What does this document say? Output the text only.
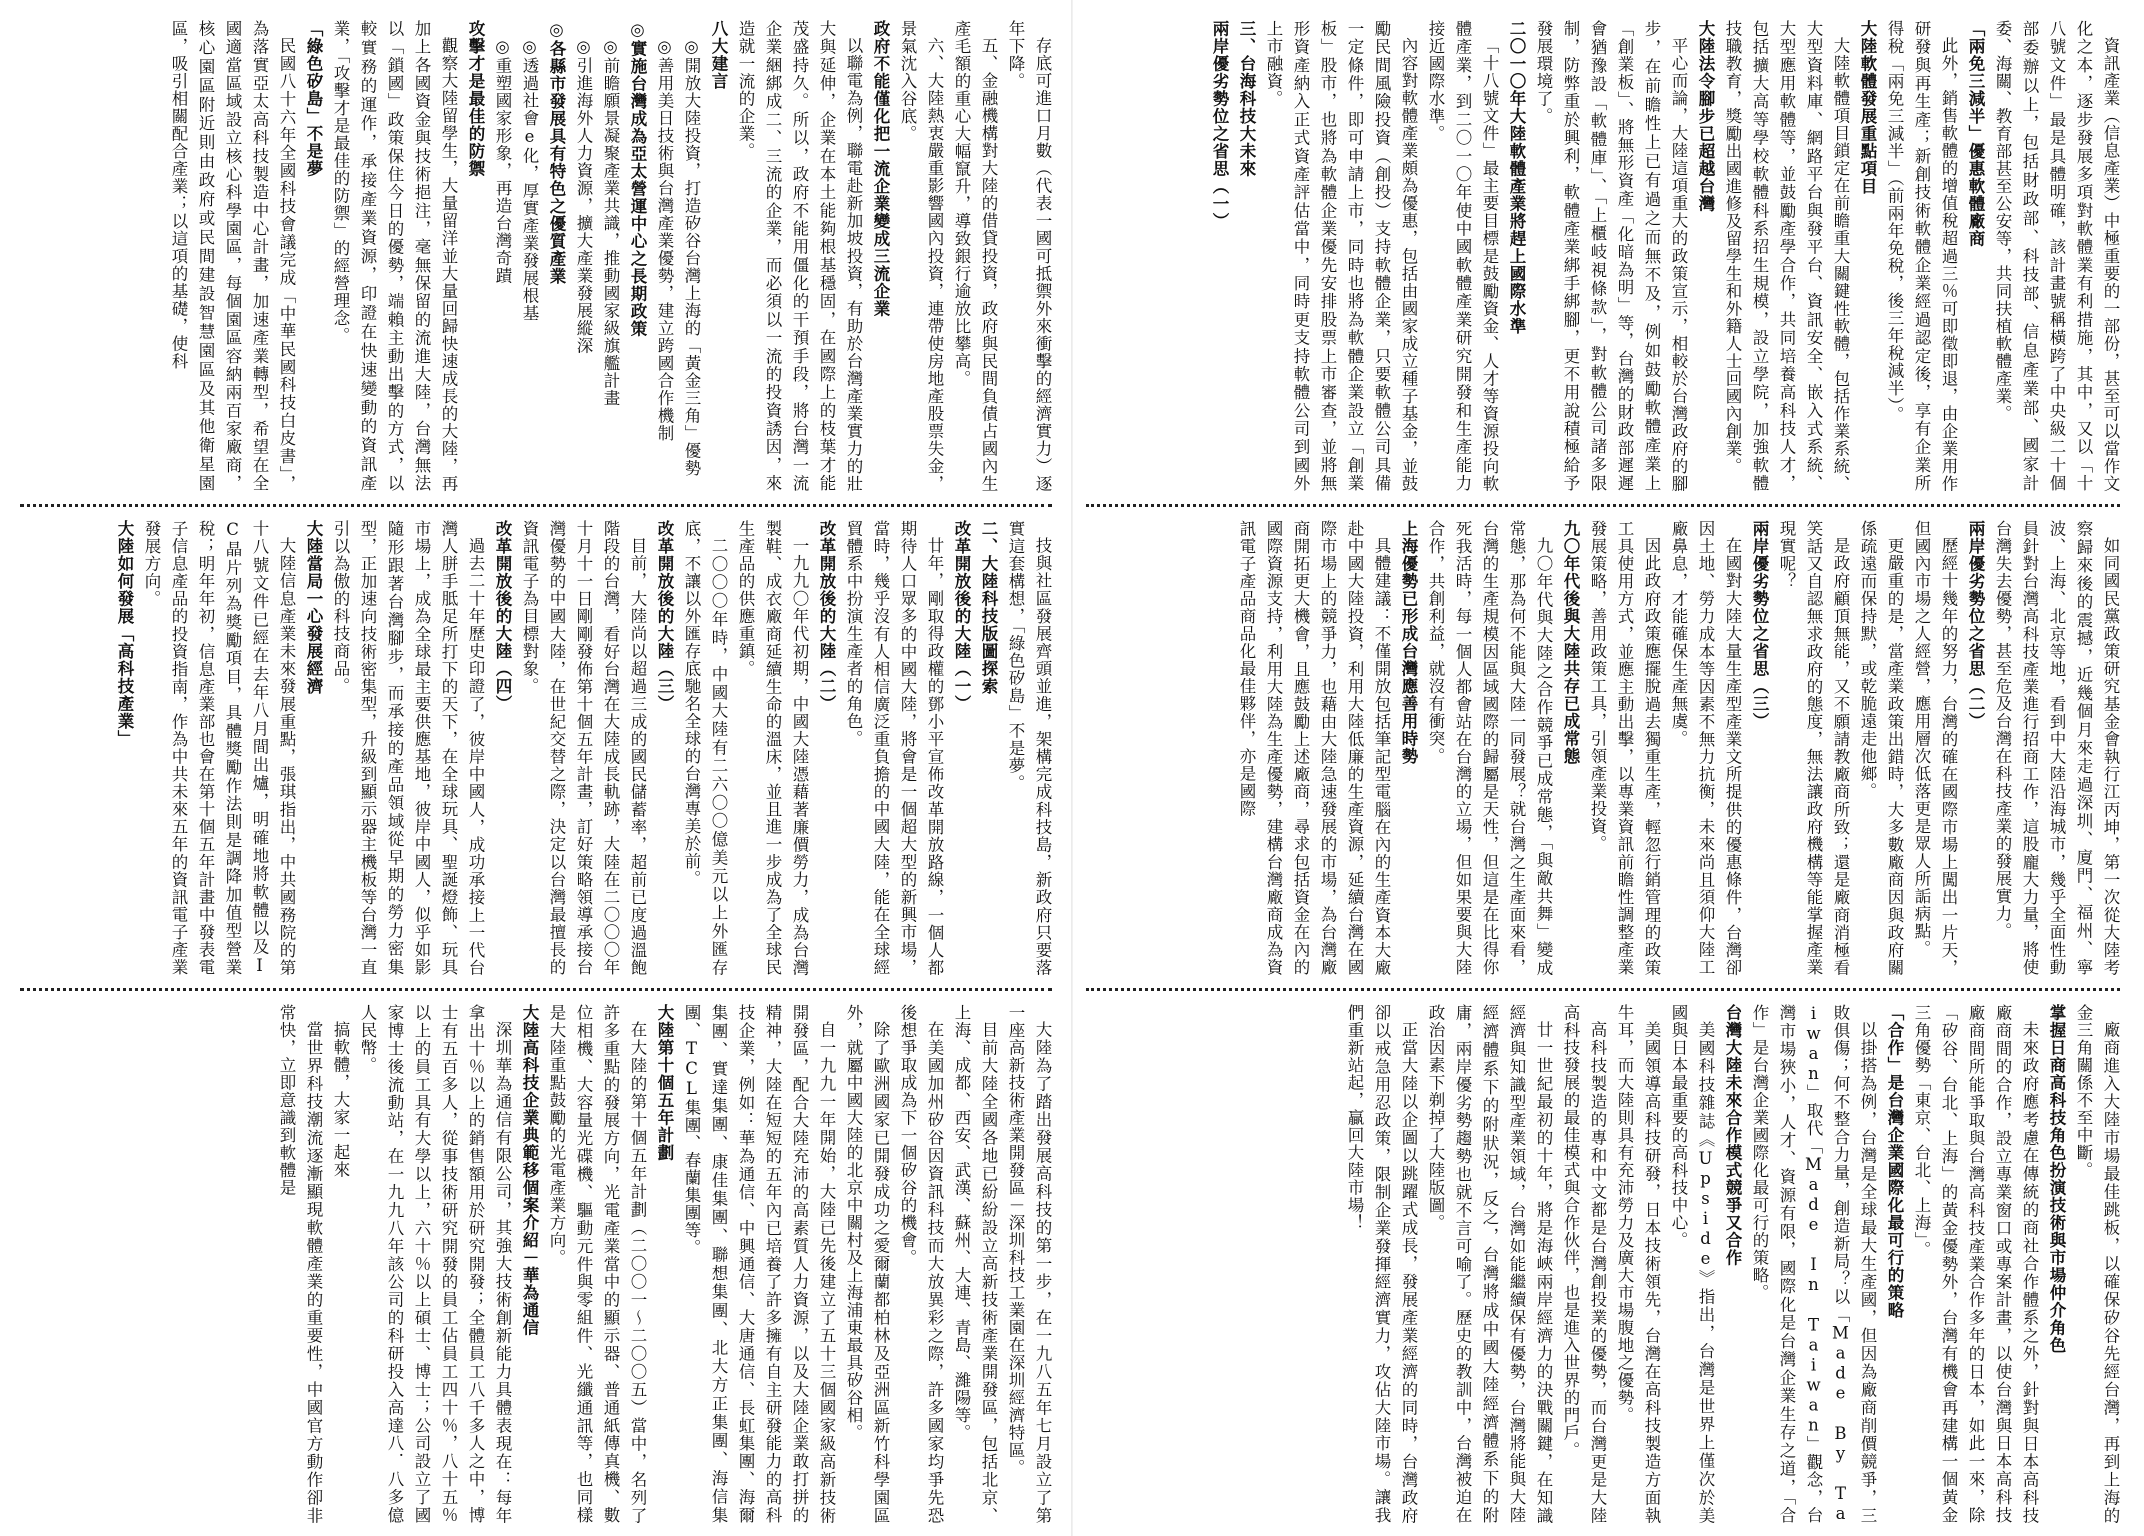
存底可進口月數（代表一國可抵禦外來衝擊的經濟實力）逐年下降。

五、金融機構對大陸的借貸投資，政府與民間負債占國內生產毛額的重心大幅竄升，導致銀行逾放比攀高。

六、大陸熱衷嚴重影響國內投資，連帶使房地產股票失金，景氣沈入谷底。

政府不能僅化把一流企業變成三流企業

以聯電為例，聯電赴新加坡投資，有助於台灣產業實力的壯大與延伸，企業在本土能夠根基穩固，在國際上的枝葉才能茂盛持久。所以，政府不能用僵化的干預手段，將台灣一流企業綑綁成二、三流的企業，而必須以一流的投資誘因，來造就一流的企業。

八大建言

◎開放大陸投資，打造矽谷台灣上海的「黃金三角」優勢

◎善用美日技術與台灣產業優勢，建立跨國合作機制

◎實施台灣成為亞太營運中心之長期政策

◎前瞻願景凝聚產業共識，推動國家級旗艦計畫

◎引進海外人力資源，擴大產業發展縱深

◎各縣市發展具有特色之優質產業

◎透過社會e化，厚實產業發展根基

◎重塑國家形象，再造台灣奇蹟

攻擊才是最佳的防禦

觀察大陸留學生，大量留洋並大量回歸快速成長的大陸，再加上各國資金與技術挹注，毫無保留的流進大陸，台灣無法以「鎖國」政策保住今日的優勢，端賴主動出擊的方式，以較實務的運作，承接產業資源，印證在快速變動的資訊產業，「攻擊才是最佳的防禦」的經營理念。

「綠色矽島」不是夢

民國八十六年全國科技會議完成「中華民國科技白皮書」，為落實亞太高科技製造中心計畫，加速產業轉型，希望在全國適當區域設立核心科學園區，每個園區容納兩百家廠商，核心園區附近則由政府或民間建設智慧園區及其他衛星園區，吸引相關配合產業；以這項的基礎，使科

技與社區發展齊頭並進，架構完成科技島，新政府只要落實這套構想，「綠色矽島」不是夢。

二、大陸科技版圖探索
改革開放後的大陸（一）

廿年，剛取得政權的鄧小平宣佈改革開放路線，一個人都期待人口眾多的中國大陸，將會是一個超大型的新興市場，當時，幾乎沒有人相信廣泛重負擔的中國大陸，能在全球經貿體系中扮演生產者的角色。

改革開放後的大陸（二）

一九九〇年代初期，中國大陸憑藉著廉價勞力，成為台灣製鞋、成衣廠商延續生命的溫床，並且進一步成為了全球民生產品的供應重鎮。

二〇〇〇年時，中國大陸有二六〇〇億美元以上外匯存底，不讓以外匯存底馳名全球的台灣專美於前。

改革開放後的大陸（三）

目前，大陸尚以超過三成的國民儲蓄率，超前已度過溫飽階段的台灣，看好台灣在大陸成長軌跡，大陸在二〇〇〇年十月十一日剛剛發佈第十個五年計畫，訂好策略領導承接台灣優勢的中國大陸，在世紀交替之際，決定以台灣最擅長的資訊電子為目標對象。

改革開放後的大陸（四）

過去二十年歷史印證了，彼岸中國人，成功承接上一代台灣人胼手胝足所打下的天下，在全球玩具、聖誕燈飾、玩具市場上，成為全球最主要供應基地，彼岸中國人，似乎如影隨形跟著台灣腳步，而承接的產品領域從早期的勞力密集型，正加速向技術密集型，升級到顯示器主機板等台灣一直引以為傲的科技商品。

大陸當局一心發展經濟

大陸信息產業未來發展重點，張琪指出，中共國務院的第十八號文件已經在去年八月間出爐，明確地將軟體以及IC晶片列為獎勵項目，具體獎勵作法則是調降加值型營業稅；明年年初，信息產業部也會在第十個五年計畫中發表電子信息產品的投資指南，作為中共未來五年的資訊電子產業發展方向。

大陸如何發展「高科技產業」

大陸為了踏出發展高科技的第一步，在一九八五年七月設立了第一座高新技術產業開發區－深圳科技工業園在深圳經濟特區。

目前大陸全國各地已紛紛設立高新技術產業開發區，包括北京、上海、成都、西安、武漢、蘇州、大連、青島、濰陽等。

在美國加州矽谷因資訊科技而大放異彩之際，許多國家均爭先恐後想爭取成為下一個矽谷的機會。

除了歐洲國家已開發成功之愛爾蘭都柏林及亞洲區新竹科學園區外，就屬中國大陸的北京中關村及上海浦東最具矽谷相。

自一九九一年開始，大陸已先後建立了五十三個國家級高新技術開發區，配合大陸充沛的高素質人力資源，以及大陸企業敢打拼的精神，大陸在短短的五年內已培養了許多擁有自主研發能力的高科技企業，例如：華為通信、中興通信、大唐通信、長虹集團、海爾集團、實達集團、康佳集團、聯想集團、北大方正集團、海信集團、TCL集團、春蘭集團等。

大陸第十個五年計劃

在大陸的第十個五年計劃（二〇〇一～二〇〇五）當中，名列了許多重點的發展方向，光電產業當中的顯示器、普通紙傳真機、數位相機、大容量光碟機、驅動元件與零組件、光纖通訊等，也同樣是大陸重點鼓勵的光電產業方向。

大陸高科技企業典範移個案介紹－華為通信

深圳華為通信有限公司，其強大技術創新能力具體表現在：每年拿出十％以上的銷售額用於研究開發；全體員工八千多人之中，博士有五百多人，從事技術研究開發的員工佔員工四十％，八十五％以上的員工具有大學以上，六十％以上碩士、博士；公司設立了國家博士後流動站，在一九九八年該公司的科研投入高達八．八多億人民幣。

搞軟體，大家一起來

當世界科技潮流逐漸顯現軟體產業的重要性，中國官方動作卻非常快，立即意識到軟體是

資訊產業（信息產業）中極重要的一部份，甚至可以當作文化之本，逐步發展多項對軟體業有利措施，其中，又以「十八號文件」最是具體明確，該計畫號稱橫跨了中央級二十個部委辦以上，包括財政部、科技部、信息產業部、國家計委、海關、教育部甚至公安等，共同扶植軟體產業。

「兩免三減半」優惠軟體廠商

此外，銷售軟體的增值稅超過三％可即徵即退，由企業用作研發與再生產；新創技術軟體企業經過認定後，享有企業所得稅「兩免三減半」（前兩年免稅，後三年稅減半）。

大陸軟體發展重點項目

大陸軟體項目鎖定在前瞻重大關鍵性軟體，包括作業系統、大型資料庫、網路平台與發平台、資訊安全、嵌入式系統、大型應用軟體等，並鼓勵產學合作，共同培養高科技人才，包括擴大高等學校軟體科系招生規模，設立學院，加強軟體技職教育，獎勵出國進修及留學生和外籍人士回國內創業。

大陸法令腳步已超越台灣

平心而論，大陸這項重大的政策宣示，相較於台灣政府的腳步，在前瞻性上已有過之而無不及，例如鼓勵軟體產業上「創業板」、將無形資產「化暗為明」等，台灣的財政部遲遲會猶豫設「軟體庫」、「上櫃岐視條款」，對軟體公司諸多限制，防弊重於興利，軟體產業綁手綁腳，更不用說積極給予發展環境了。

二〇一〇年大陸軟體產業將趕上國際水準

「十八號文件」最主要目標是鼓勵資金、人才等資源投向軟體產業，到二〇一〇年使中國軟體產業研究開發和生產能力接近國際水準。

內容對軟體產業頗為優惠，包括由國家成立種子基金，並鼓勵民間風險投資（創投）支持軟體企業，只要軟體公司具備一定條件，即可申請上市，同時也將為軟體企業設立「創業板」股市，也將為軟體企業優先安排股票上市審查，並將無形資產納入正式資產評估當中，同時更支持軟體公司到國外上市融資。

三、台海科技大未來
兩岸優劣勢位之省思（一）

如同國民黨政策研究基金會執行江丙坤，第一次從大陸考察歸來後的震撼，近幾個月來走過深圳、廈門、福州、寧波、上海、北京等地，看到中大陸沿海城市，幾乎全面性動員針對台灣高科技產業進行招商工作，這股龐大力量，將使台灣失去優勢，甚至危及台灣在科技產業的發展實力。

兩岸優劣勢位之省思（二）

歷經十幾年的努力，台灣的確在國際市場上闖出一片天，但國內市場之人經營，應用層次低落更是眾人所詬病點。

更嚴重的是，當產業政策出錯時，大多數廠商因與政府關係疏遠而保持默，或乾脆遠走他鄉。

是政府顧頂無能，又不願請教廠商所致；還是廠商消極看笑話又自認無求政府的態度，無法讓政府機構等能掌握產業現實呢？

兩岸優劣勢位之省思（三）

在國對大陸大量生產型產業文所提供的優惠條件，台灣卻因土地、勞力成本等因素不無力抗衡，未來尚且須仰大陸工廠鼻息，才能確保生產無虞。

因此政府政策應擺脫過去獨重生產，輕忽行銷管理的政策工具使用方式，並應主動出擊，以專業資訊前瞻性調整產業發展策略，善用政策工具，引領產業投資。

九〇年代後與大陸共存已成常態

九〇年代與大陸之合作競爭已成常態，「與敵共舞」變成常態，那為何不能與大陸一同發展？就台灣之生產面來看，台灣的生產規模因區域國際的歸屬是天性，但這是在比得你死我活時，每一個人都會站在台灣的立場，但如果要與大陸合作，共創利益，就沒有衝突。

上海優勢已形成台灣應善用時勢

具體建議：不僅開放包括筆記型電腦在內的生產資本大廠赴中國大陸投資，利用大陸低廉的生產資源，延續台灣在國際市場上的競爭力，也藉由大陸急速發展的市場，為台灣廠商開拓更大機會，且應鼓勵上述廠商，尋求包括資金在內的國際資源支持，利用大陸為生產優勢，建構台灣廠商成為資訊電子產品商品化最佳夥伴，亦是國際

廠商進入大陸市場最佳跳板，以確保矽谷先經台灣，再到上海的金三角關係不至中斷。

掌握日商高科技角色扮演技術與市場仲介角色

未來政府應考慮在傳統的商社合作體系之外，針對與日本高科技廠商間的合作，設立專業窗口或專案計畫，以使台灣與日本高科技廠商間所能爭取與台灣高科技產業合作多年的日本，如此一來，除「矽谷、台北、上海」的黃金優勢外，台灣有機會再建構一個黃金三角優勢「東京、台北、上海」。

「合作」是台灣企業國際化最可行的策略

以掛搭為例，台灣是全球最大生產國，但因為廠商削價競爭，三敗俱傷；何不整合力量，創造新局？以「Made By Taiwan」取代「Made In Taiwan」觀念，台灣市場狹小，人才、資源有限，國際化是台灣企業生存之道，「合作」是台灣企業國際化最可行的策略。

台灣大陸未來合作模式競爭又合作

美國科技雜誌《Upside》指出，台灣是世界上僅次於美國與日本最重要的高科技中心。

美國領導高科技研發，日本技術領先，台灣在高科技製造方面執牛耳，而大陸則具有充沛勞力及廣大市場腹地之優勢。

高科技製造的專和中文都是台灣創投業的優勢，而台灣更是大陸高科技發展的最佳模式與合作伙伴，也是進入世界的門戶。

廿一世紀最初的十年，將是海峽兩岸經濟力的決戰關鍵，在知識經濟與知識型產業領域，台灣如能繼續保有優勢，台灣將能與大陸經濟體系下的附狀況，反之，台灣將成中國大陸經濟體系下的附庸，兩岸優劣勢趨勢也就不言可喻了。歷史的教訓中，台灣被迫在政治因素下剃掉了大陸版圖。

正當大陸以企圖以跳躍式成長，發展產業經濟的同時，台灣政府卻以戒急用忍政策，限制企業發揮經濟實力，攻佔大陸市場。讓我們重新站起，贏回大陸市場！
